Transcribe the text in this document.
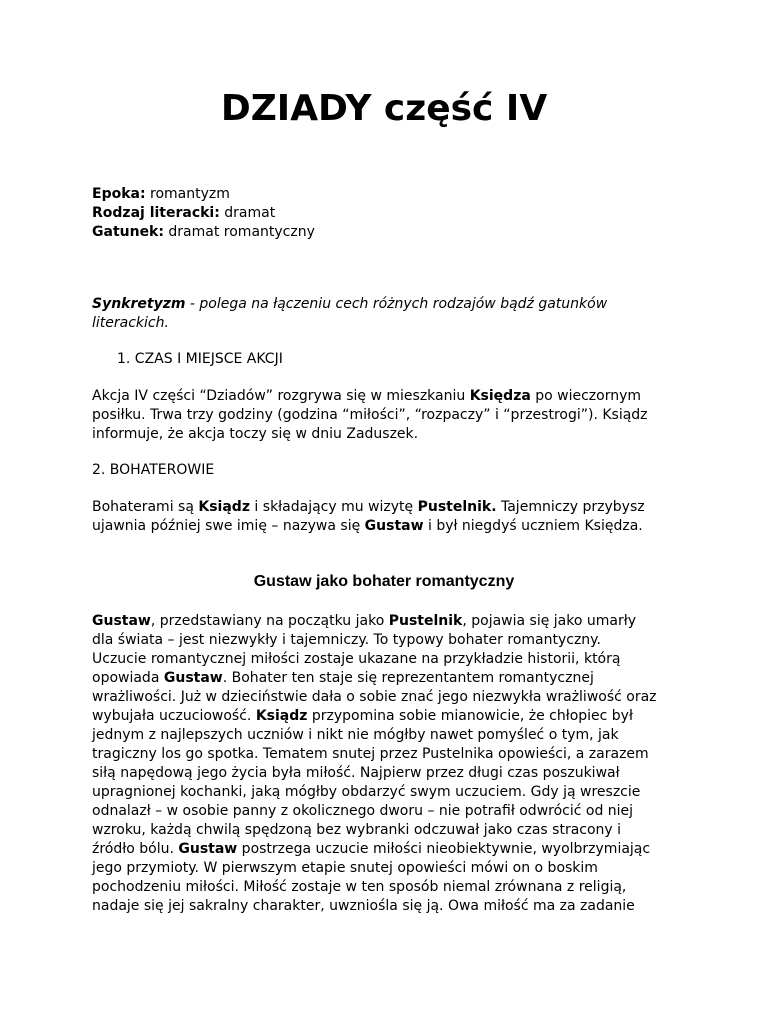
DZIADY część IV

Epoka: romantyzm

Rodzaj literacki: dramat

Gatunek: dramat romantyczny

Synkretyzm - polega na łączeniu cech różnych rodzajów bądź gatunków

literackich.

1. CZAS I MIEJSCE AKCJI

Akcja IV części “Dziadów” rozgrywa się w mieszkaniu Księdza po wieczornym

posiłku. Trwa trzy godziny (godzina “miłości”, “rozpaczy” i “przestrogi”). Ksiądz

informuje, że akcja toczy się w dniu Zaduszek.

2. BOHATEROWIE

Bohaterami są Ksiądz i składający mu wizytę Pustelnik. Tajemniczy przybysz

ujawnia później swe imię – nazywa się Gustaw i był niegdyś uczniem Księdza.

Gustaw jako bohater romantyczny
Gustaw, przedstawiany na początku jako Pustelnik, pojawia się jako umarły
dla świata – jest niezwykły i tajemniczy. To typowy bohater romantyczny.
Uczucie romantycznej miłości zostaje ukazane na przykładzie historii, którą
opowiada Gustaw. Bohater ten staje się reprezentantem romantycznej
wrażliwości. Już w dzieciństwie dała o sobie znać jego niezwykła wrażliwość oraz
wybujała uczuciowość. Ksiądz przypomina sobie mianowicie, że chłopiec był
jednym z najlepszych uczniów i nikt nie mógłby nawet pomyśleć o tym, jak
tragiczny los go spotka. Tematem snutej przez Pustelnika opowieści, a zarazem
siłą napędową jego życia była miłość. Najpierw przez długi czas poszukiwał
upragnionej kochanki, jaką mógłby obdarzyć swym uczuciem. Gdy ją wreszcie
odnalazł – w osobie panny z okolicznego dworu – nie potrafił odwrócić od niej
wzroku, każdą chwilą spędzoną bez wybranki odczuwał jako czas stracony i
źródło bólu. Gustaw postrzega uczucie miłości nieobiektywnie, wyolbrzymiając
jego przymioty. W pierwszym etapie snutej opowieści mówi on o boskim
pochodzeniu miłości. Miłość zostaje w ten sposób niemal zrównana z religią,
nadaje się jej sakralny charakter, uwzniośla się ją. Owa miłość ma za zadanie
